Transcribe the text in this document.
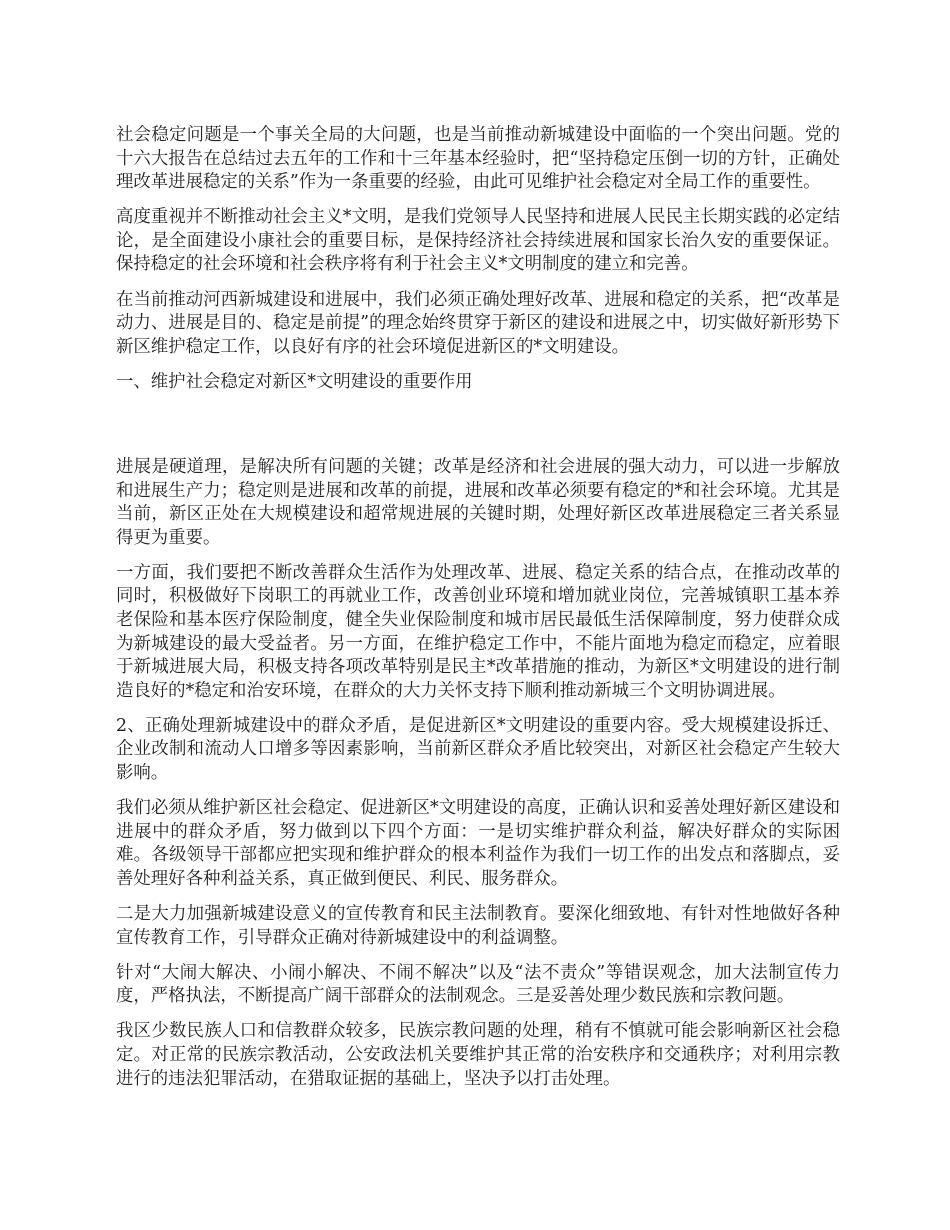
社会稳定问题是一个事关全局的大问题，也是当前推动新城建设中面临的一个突出问题。党的十六大报告在总结过去五年的工作和十三年基本经验时，把“坚持稳定压倒一切的方针，正确处理改革进展稳定的关系”作为一条重要的经验，由此可见维护社会稳定对全局工作的重要性。

高度重视并不断推动社会主义*文明，是我们党领导人民坚持和进展人民民主长期实践的必定结论，是全面建设小康社会的重要目标，是保持经济社会持续进展和国家长治久安的重要保证。保持稳定的社会环境和社会秩序将有利于社会主义*文明制度的建立和完善。

在当前推动河西新城建设和进展中，我们必须正确处理好改革、进展和稳定的关系，把“改革是动力、进展是目的、稳定是前提”的理念始终贯穿于新区的建设和进展之中，切实做好新形势下新区维护稳定工作，以良好有序的社会环境促进新区的*文明建设。

一、维护社会稳定对新区*文明建设的重要作用

进展是硬道理，是解决所有问题的关键；改革是经济和社会进展的强大动力，可以进一步解放和进展生产力；稳定则是进展和改革的前提，进展和改革必须要有稳定的*和社会环境。尤其是当前，新区正处在大规模建设和超常规进展的关键时期，处理好新区改革进展稳定三者关系显得更为重要。

一方面，我们要把不断改善群众生活作为处理改革、进展、稳定关系的结合点，在推动改革的同时，积极做好下岗职工的再就业工作，改善创业环境和增加就业岗位，完善城镇职工基本养老保险和基本医疗保险制度，健全失业保险制度和城市居民最低生活保障制度，努力使群众成为新城建设的最大受益者。另一方面，在维护稳定工作中，不能片面地为稳定而稳定，应着眼于新城进展大局，积极支持各项改革特别是民主*改革措施的推动，为新区*文明建设的进行制造良好的*稳定和治安环境，在群众的大力关怀支持下顺利推动新城三个文明协调进展。

2、正确处理新城建设中的群众矛盾，是促进新区*文明建设的重要内容。受大规模建设拆迁、企业改制和流动人口增多等因素影响，当前新区群众矛盾比较突出，对新区社会稳定产生较大影响。

我们必须从维护新区社会稳定、促进新区*文明建设的高度，正确认识和妥善处理好新区建设和进展中的群众矛盾，努力做到以下四个方面：一是切实维护群众利益，解决好群众的实际困难。各级领导干部都应把实现和维护群众的根本利益作为我们一切工作的出发点和落脚点，妥善处理好各种利益关系，真正做到便民、利民、服务群众。

二是大力加强新城建设意义的宣传教育和民主法制教育。要深化细致地、有针对性地做好各种宣传教育工作，引导群众正确对待新城建设中的利益调整。

针对“大闹大解决、小闹小解决、不闹不解决”以及“法不责众”等错误观念，加大法制宣传力度，严格执法，不断提高广阔干部群众的法制观念。三是妥善处理少数民族和宗教问题。

我区少数民族人口和信教群众较多，民族宗教问题的处理，稍有不慎就可能会影响新区社会稳定。对正常的民族宗教活动，公安政法机关要维护其正常的治安秩序和交通秩序；对利用宗教进行的违法犯罪活动，在猎取证据的基础上，坚决予以打击处理。
